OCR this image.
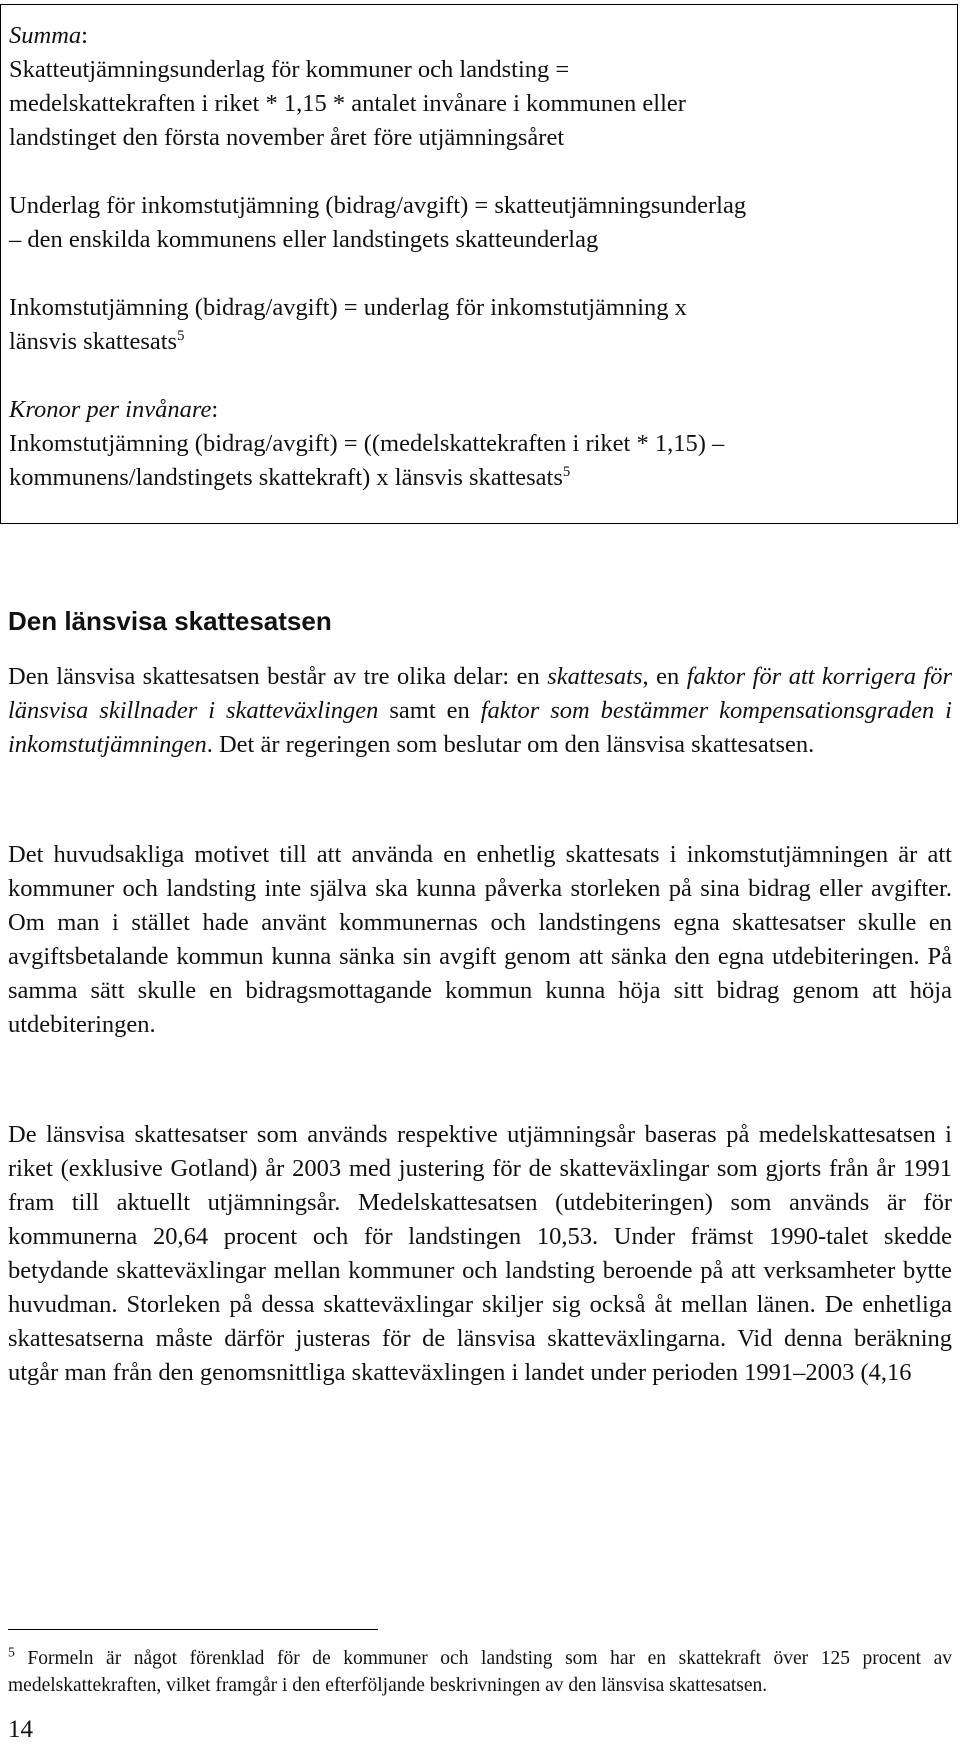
Summa:

Skatteutjämningsunderlag för kommuner och landsting =

medelskattekraften i riket * 1,15 * antalet invånare i kommunen eller

landstinget den första november året före utjämningsåret

Underlag för inkomstutjämning (bidrag/avgift) = skatteutjämningsunderlag

– den enskilda kommunens eller landstingets skatteunderlag

Inkomstutjämning (bidrag/avgift) = underlag för inkomstutjämning x

länsvis skattesats$^5$

Kronor per invånare:

Inkomstutjämning (bidrag/avgift) = ((medelskattekraften i riket * 1,15) –

kommunens/landstingets skattekraft) x länsvis skattesats$^5$

Den länsvisa skattesatsen

Den länsvisa skattesatsen består av tre olika delar: en skattesats, en faktor för att korrigera för länsvisa skillnader i skatteväxlingen samt en faktor som bestämmer kompensationsgraden i inkomstutjämningen. Det är regeringen som beslutar om den länsvisa skattesatsen.

Det huvudsakliga motivet till att använda en enhetlig skattesats i inkomstutjämningen är att kommuner och landsting inte själva ska kunna påverka storleken på sina bidrag eller avgifter. Om man i stället hade använt kommunernas och landstingens egna skattesatser skulle en avgiftsbetalande kommun kunna sänka sin avgift genom att sänka den egna utdebiteringen. På samma sätt skulle en bidragsmottagande kommun kunna höja sitt bidrag genom att höja utdebiteringen.

De länsvisa skattesatser som används respektive utjämningsår baseras på medelskattesatsen i riket (exklusive Gotland) år 2003 med justering för de skatteväxlingar som gjorts från år 1991 fram till aktuellt utjämningsår. Medelskattesatsen (utdebiteringen) som används är för kommunerna 20,64 procent och för landstingen 10,53. Under främst 1990-talet skedde betydande skatteväxlingar mellan kommuner och landsting beroende på att verksamheter bytte huvudman. Storleken på dessa skatteväxlingar skiljer sig också åt mellan länen. De enhetliga skattesatserna måste därför justeras för de länsvisa skatteväxlingarna. Vid denna beräkning utgår man från den genomsnittliga skatteväxlingen i landet under perioden 1991–2003 (4,16

$^5$ Formeln är något förenklad för de kommuner och landsting som har en skattekraft över 125 procent av medelskattekraften, vilket framgår i den efterföljande beskrivningen av den länsvisa skattesatsen.

14
